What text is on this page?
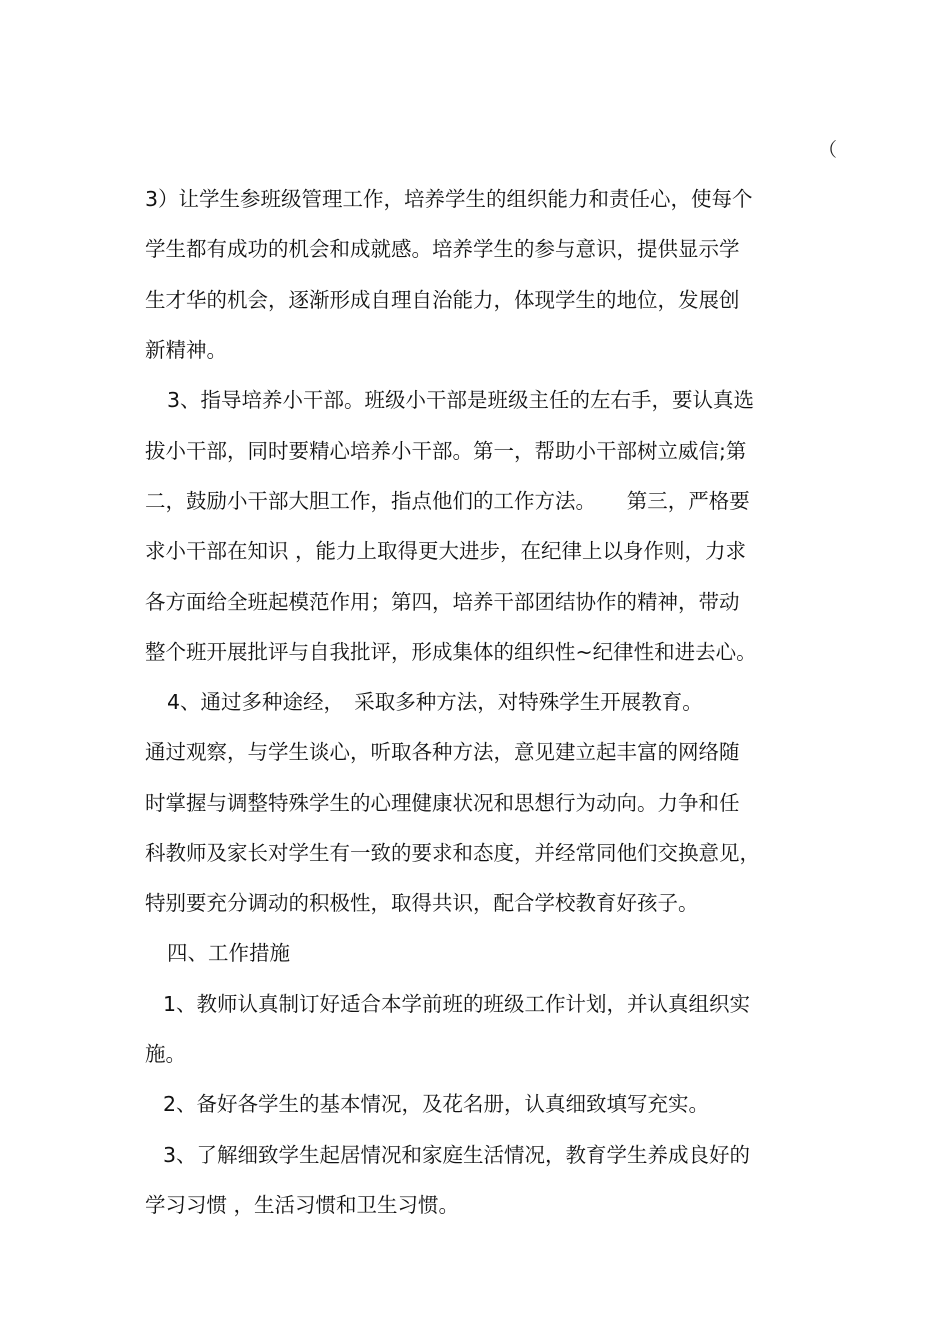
（
3）让学生参班级管理工作，培养学生的组织能力和责任心，使每个
学生都有成功的机会和成就感。培养学生的参与意识，提供显示学
生才华的机会，逐渐形成自理自治能力，体现学生的地位，发展创
新精神。
3、指导培养小干部。班级小干部是班级主任的左右手，要认真选
拔小干部，同时要精心培养小干部。第一，帮助小干部树立威信;第
二，鼓励小干部大胆工作，指点他们的工作方法。　　第三，严格要
求小干部在知识 ，能力上取得更大进步，在纪律上以身作则，力求
各方面给全班起模范作用；第四，培养干部团结协作的精神，带动
整个班开展批评与自我批评，形成集体的组织性~纪律性和进去心。
4、通过多种途经，　采取多种方法，对特殊学生开展教育。
通过观察，与学生谈心，听取各种方法，意见建立起丰富的网络随
时掌握与调整特殊学生的心理健康状况和思想行为动向。力争和任
科教师及家长对学生有一致的要求和态度，并经常同他们交换意见，
特别要充分调动的积极性，取得共识，配合学校教育好孩子。
四、工作措施
1、教师认真制订好适合本学前班的班级工作计划，并认真组织实
施。
2、备好各学生的基本情况，及花名册，认真细致填写充实。
3、了解细致学生起居情况和家庭生活情况，教育学生养成良好的
学习习惯 ，生活习惯和卫生习惯。
